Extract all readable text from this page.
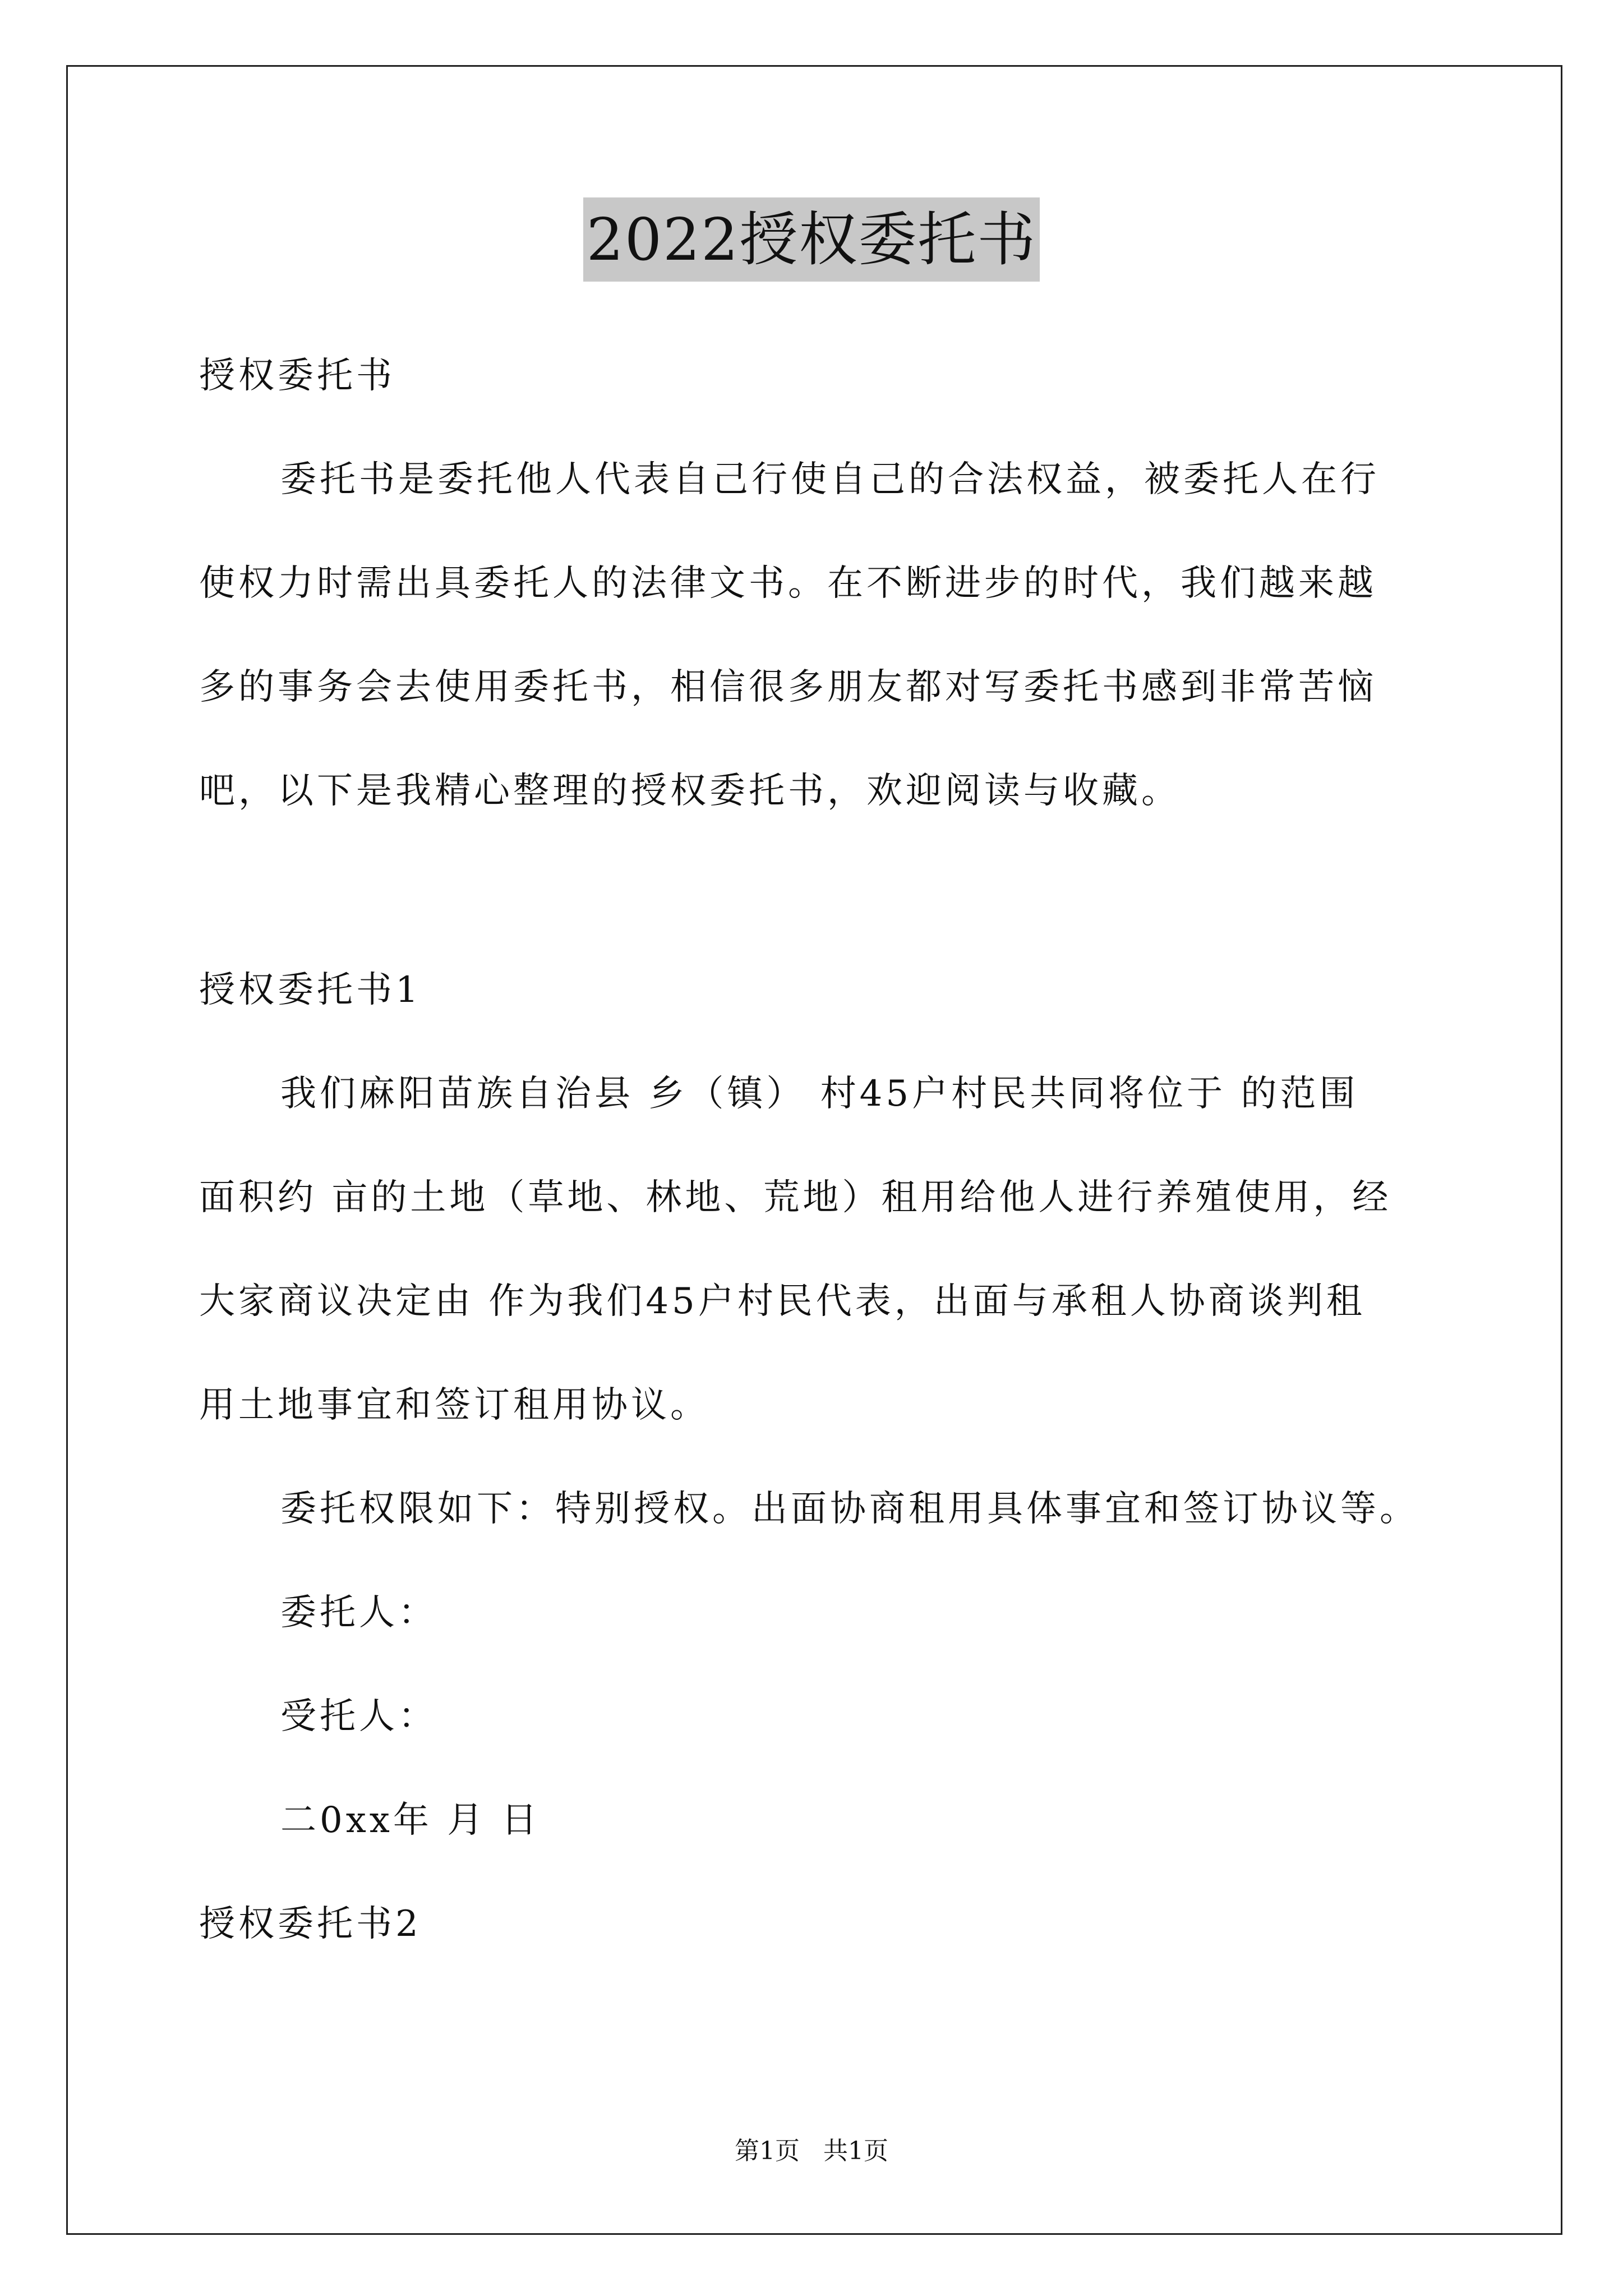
2022授权委托书
授权委托书
委托书是委托他人代表自己行使自己的合法权益，被委托人在行
使权力时需出具委托人的法律文书。在不断进步的时代，我们越来越
多的事务会去使用委托书，相信很多朋友都对写委托书感到非常苦恼
吧，以下是我精心整理的授权委托书，欢迎阅读与收藏。
授权委托书1
我们麻阳苗族自治县 乡（镇） 村45户村民共同将位于 的范围
面积约 亩的土地（草地、林地、荒地）租用给他人进行养殖使用，经
大家商议决定由 作为我们45户村民代表，出面与承租人协商谈判租
用土地事宜和签订租用协议。
委托权限如下：特别授权。出面协商租用具体事宜和签订协议等。
委托人：
受托人：
二0xx年 月 日
授权委托书2
第1页 共1页
